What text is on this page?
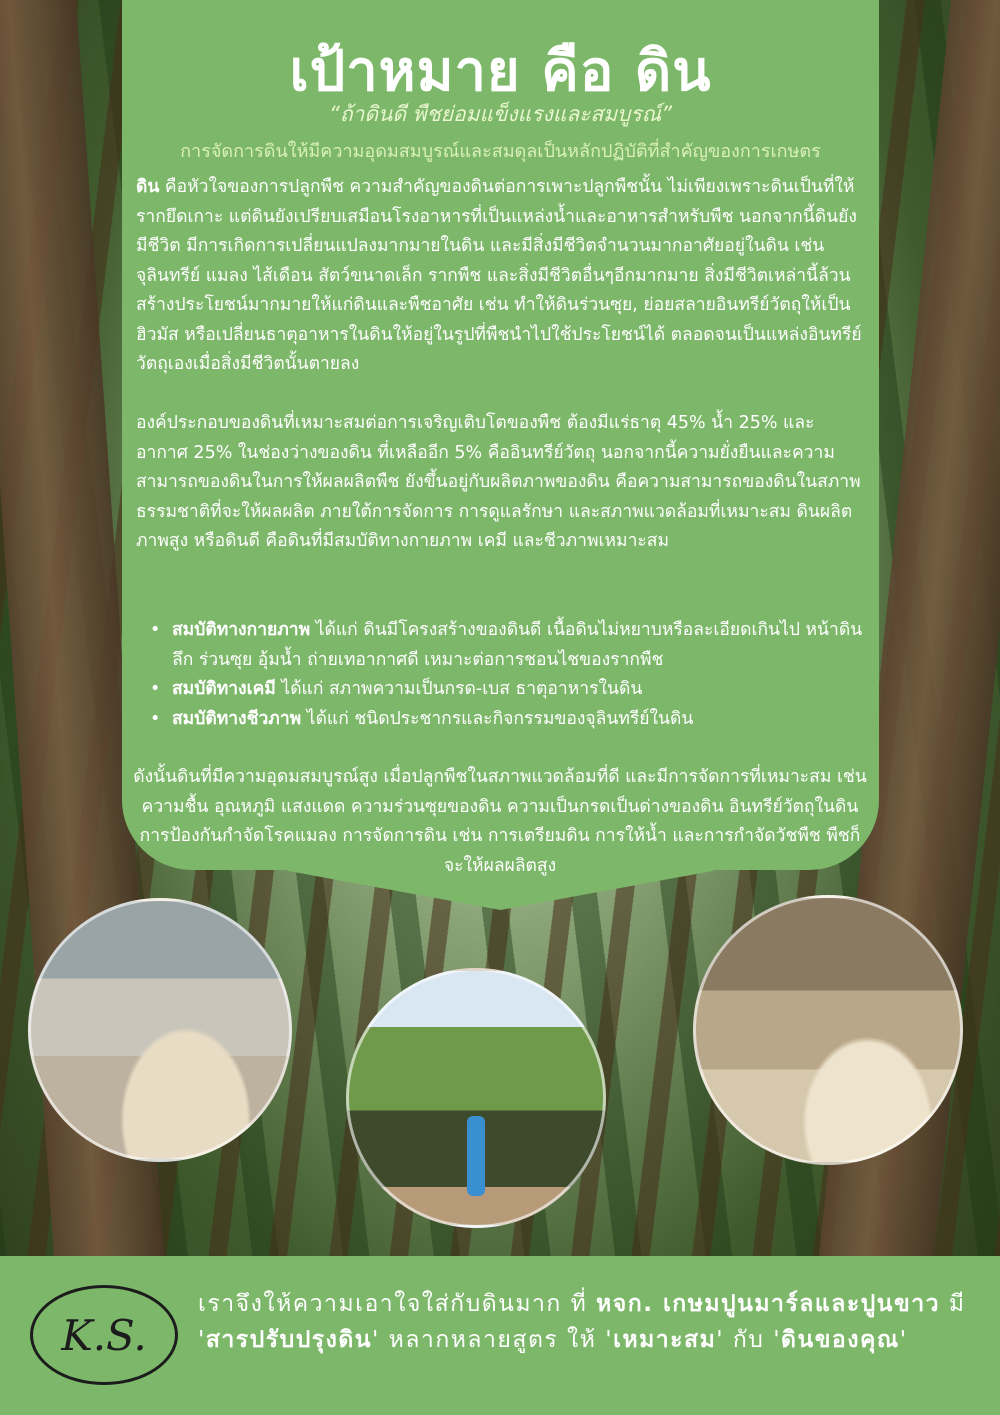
เป้าหมาย คือ ดิน
“ถ้าดินดี พืชย่อมแข็งแรงและสมบูรณ์”
การจัดการดินให้มีความอุดมสมบูรณ์และสมดุลเป็นหลักปฏิบัติที่สำคัญของการเกษตร

ดิน คือหัวใจของการปลูกพืช ความสำคัญของดินต่อการเพาะปลูกพืชนั้น ไม่เพียงเพราะดินเป็นที่ให้รากยึดเกาะ แต่ดินยังเปรียบเสมือนโรงอาหารที่เป็นแหล่งน้ำและอาหารสำหรับพืช นอกจากนี้ดินยังมีชีวิต มีการเกิดการเปลี่ยนแปลงมากมายในดิน และมีสิ่งมีชีวิตจำนวนมากอาศัยอยู่ในดิน เช่นจุลินทรีย์ แมลง ไส้เดือน สัตว์ขนาดเล็ก รากพืช และสิ่งมีชีวิตอื่นๆอีกมากมาย สิ่งมีชีวิตเหล่านี้ล้วนสร้างประโยชน์มากมายให้แก่ดินและพืชอาศัย เช่น ทำให้ดินร่วนซุย, ย่อยสลายอินทรีย์วัตถุให้เป็นฮิวมัส หรือเปลี่ยนธาตุอาหารในดินให้อยู่ในรูปที่พืชนำไปใช้ประโยชน์ได้ ตลอดจนเป็นแหล่งอินทรีย์วัตถุเองเมื่อสิ่งมีชีวิตนั้นตายลง

องค์ประกอบของดินที่เหมาะสมต่อการเจริญเติบโตของพืช ต้องมีแร่ธาตุ 45% น้ำ 25% และอากาศ 25% ในช่องว่างของดิน ที่เหลืออีก 5% คืออินทรีย์วัตถุ นอกจากนี้ความยั่งยืนและความสามารถของดินในการให้ผลผลิตพืช ยังขึ้นอยู่กับผลิตภาพของดิน คือความสามารถของดินในสภาพธรรมชาติที่จะให้ผลผลิต ภายใต้การจัดการ การดูแลรักษา และสภาพแวดล้อมที่เหมาะสม ดินผลิตภาพสูง หรือดินดี คือดินที่มีสมบัติทางกายภาพ เคมี และชีวภาพเหมาะสม

• สมบัติทางกายภาพ ได้แก่ ดินมีโครงสร้างของดินดี เนื้อดินไม่หยาบหรือละเอียดเกินไป หน้าดินลึก ร่วนซุย อุ้มน้ำ ถ่ายเทอากาศดี เหมาะต่อการชอนไชของรากพืช
• สมบัติทางเคมี ได้แก่ สภาพความเป็นกรด-เบส ธาตุอาหารในดิน
• สมบัติทางชีวภาพ ได้แก่ ชนิดประชากรและกิจกรรมของจุลินทรีย์ในดิน

ดังนั้นดินที่มีความอุดมสมบูรณ์สูง เมื่อปลูกพืชในสภาพแวดล้อมที่ดี และมีการจัดการที่เหมาะสม เช่น ความชื้น อุณหภูมิ แสงแดด ความร่วนซุยของดิน ความเป็นกรดเป็นด่างของดิน อินทรีย์วัตถุในดิน การป้องกันกำจัดโรคแมลง การจัดการดิน เช่น การเตรียมดิน การให้น้ำ และการกำจัดวัชพืช พืชก็จะให้ผลผลิตสูง

K.S.

เราจึงให้ความเอาใจใส่กับดินมาก ที่ หจก. เกษมปูนมาร์ลและปูนขาว มี 'สารปรับปรุงดิน' หลากหลายสูตร ให้ 'เหมาะสม' กับ 'ดินของคุณ'
